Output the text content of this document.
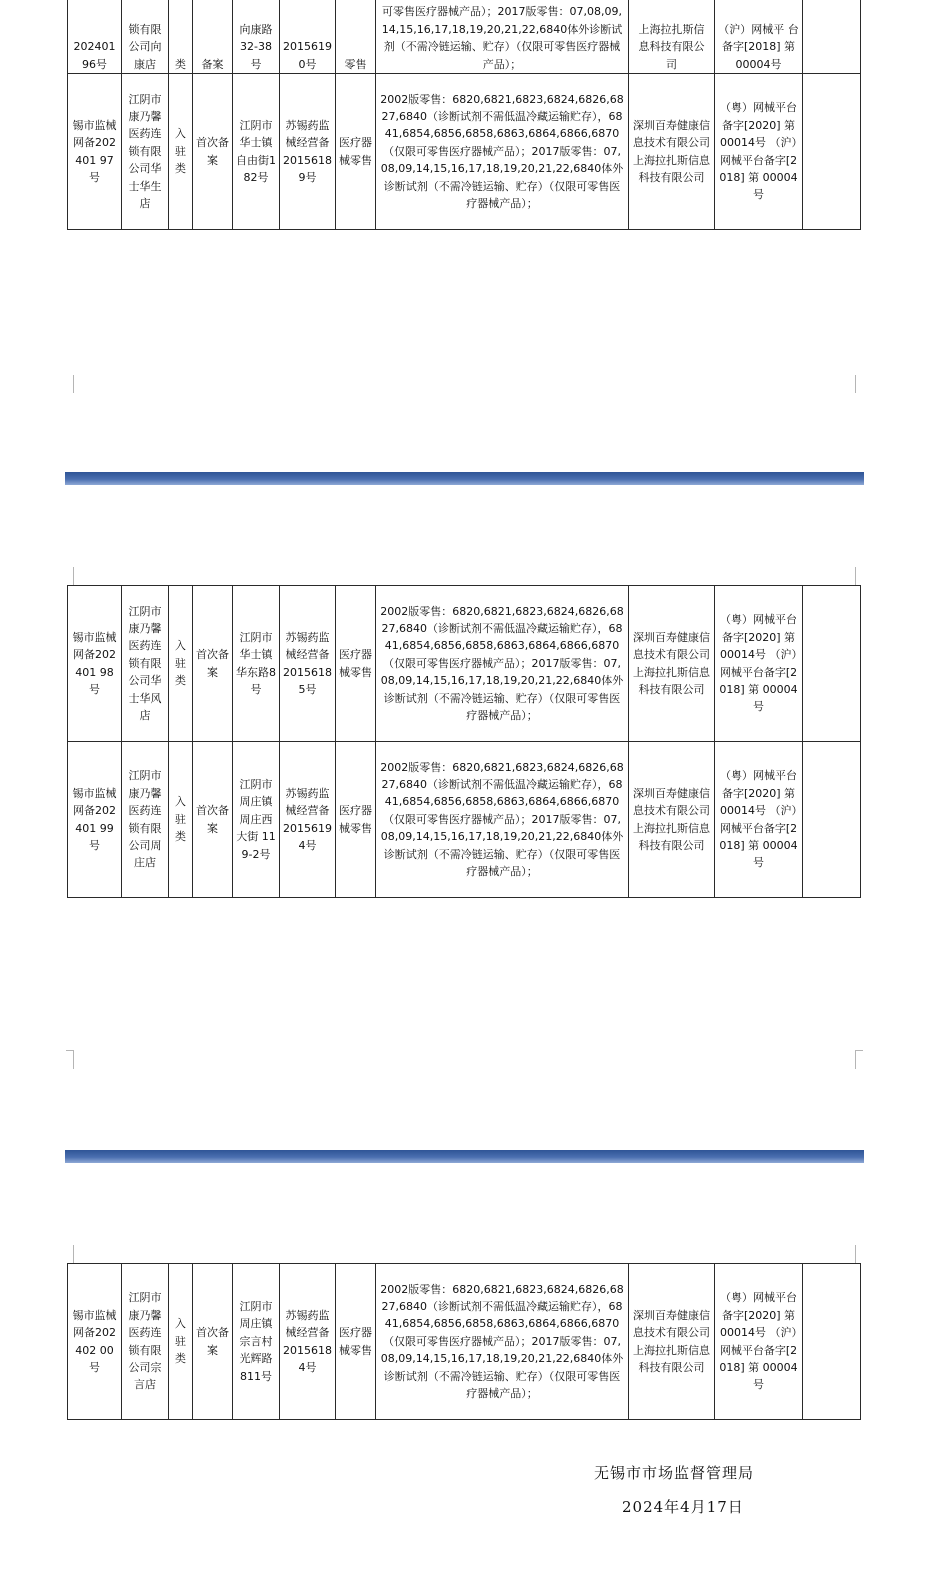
202401 96号	锁有限 公司向 康店	类	备案	向康路 32-38 号	2015619 0号	零售	可零售医疗器械产品）；2017版零售：07,08,09,14,15,16,17,18,19,20,21,22,6840体外诊断试剂（不需冷链运输、贮存）（仅限可零售医疗器械产品）；	上海拉扎斯信 息科技有限公 司	（沪）网械平 台备字[2018] 第 00004号	
锡市监械网备202401 97号	江阴市康乃馨医药连锁有限公司华士华生店	入驻类	首次备案	江阴市华士镇自由街182号	苏锡药监械经营备 2015618 9号	医疗器械零售	2002版零售：6820,6821,6823,6824,6826,6827,6840（诊断试剂不需低温冷藏运输贮存），6841,6854,6856,6858,6863,6864,6866,6870（仅限可零售医疗器械产品）；2017版零售：07,08,09,14,15,16,17,18,19,20,21,22,6840体外诊断试剂（不需冷链运输、贮存）（仅限可零售医疗器械产品）；	深圳百寿健康信息技术有限公司 上海拉扎斯信息科技有限公司	（粤）网械平台备字[2020] 第 00014号 （沪）网械平台备字[2018] 第 00004号	
锡市监械网备202401 98号	江阴市康乃馨医药连锁有限公司华士华风店	入驻类	首次备案	江阴市华士镇华东路8号	苏锡药监械经营备 2015618 5号	医疗器械零售	2002版零售：6820,6821,6823,6824,6826,6827,6840（诊断试剂不需低温冷藏运输贮存），6841,6854,6856,6858,6863,6864,6866,6870（仅限可零售医疗器械产品）；2017版零售：07,08,09,14,15,16,17,18,19,20,21,22,6840体外诊断试剂（不需冷链运输、贮存）（仅限可零售医疗器械产品）；	深圳百寿健康信息技术有限公司 上海拉扎斯信息科技有限公司	（粤）网械平台备字[2020] 第 00014号 （沪）网械平台备字[2018] 第 00004号	
锡市监械网备202401 99号	江阴市康乃馨医药连锁有限公司周庄店	入驻类	首次备案	江阴市周庄镇周庄西大街 119-2号	苏锡药监械经营备 2015619 4号	医疗器械零售	2002版零售：6820,6821,6823,6824,6826,6827,6840（诊断试剂不需低温冷藏运输贮存），6841,6854,6856,6858,6863,6864,6866,6870（仅限可零售医疗器械产品）；2017版零售：07,08,09,14,15,16,17,18,19,20,21,22,6840体外诊断试剂（不需冷链运输、贮存）（仅限可零售医疗器械产品）；	深圳百寿健康信息技术有限公司 上海拉扎斯信息科技有限公司	（粤）网械平台备字[2020] 第 00014号 （沪）网械平台备字[2018] 第 00004号	
锡市监械网备202402 00号	江阴市康乃馨医药连锁有限公司宗言店	入驻类	首次备案	江阴市周庄镇宗言村光辉路 811号	苏锡药监械经营备 2015618 4号	医疗器械零售	2002版零售：6820,6821,6823,6824,6826,6827,6840（诊断试剂不需低温冷藏运输贮存），6841,6854,6856,6858,6863,6864,6866,6870（仅限可零售医疗器械产品）；2017版零售：07,08,09,14,15,16,17,18,19,20,21,22,6840体外诊断试剂（不需冷链运输、贮存）（仅限可零售医疗器械产品）；	深圳百寿健康信息技术有限公司 上海拉扎斯信息科技有限公司	（粤）网械平台备字[2020] 第 00014号 （沪）网械平台备字[2018] 第 00004号	
无锡市市场监督管理局
2024年4月17日
